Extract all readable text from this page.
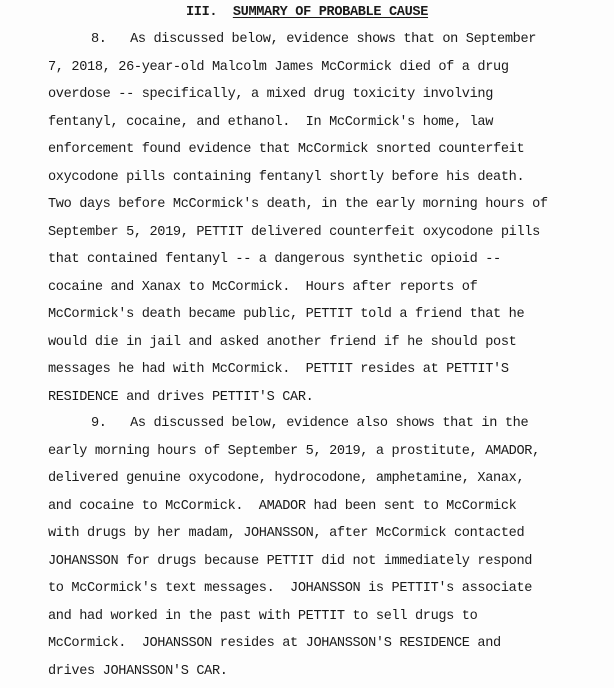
III. SUMMARY OF PROBABLE CAUSE
8. As discussed below, evidence shows that on September
7, 2018, 26-year-old Malcolm James McCormick died of a drug
overdose -- specifically, a mixed drug toxicity involving
fentanyl, cocaine, and ethanol.  In McCormick's home, law
enforcement found evidence that McCormick snorted counterfeit
oxycodone pills containing fentanyl shortly before his death.
Two days before McCormick's death, in the early morning hours of
September 5, 2019, PETTIT delivered counterfeit oxycodone pills
that contained fentanyl -- a dangerous synthetic opioid --
cocaine and Xanax to McCormick.  Hours after reports of
McCormick's death became public, PETTIT told a friend that he
would die in jail and asked another friend if he should post
messages he had with McCormick.  PETTIT resides at PETTIT'S
RESIDENCE and drives PETTIT'S CAR.
9. As discussed below, evidence also shows that in the
early morning hours of September 5, 2019, a prostitute, AMADOR,
delivered genuine oxycodone, hydrocodone, amphetamine, Xanax,
and cocaine to McCormick.  AMADOR had been sent to McCormick
with drugs by her madam, JOHANSSON, after McCormick contacted
JOHANSSON for drugs because PETTIT did not immediately respond
to McCormick's text messages.  JOHANSSON is PETTIT's associate
and had worked in the past with PETTIT to sell drugs to
McCormick.  JOHANSSON resides at JOHANSSON'S RESIDENCE and
drives JOHANSSON'S CAR.
